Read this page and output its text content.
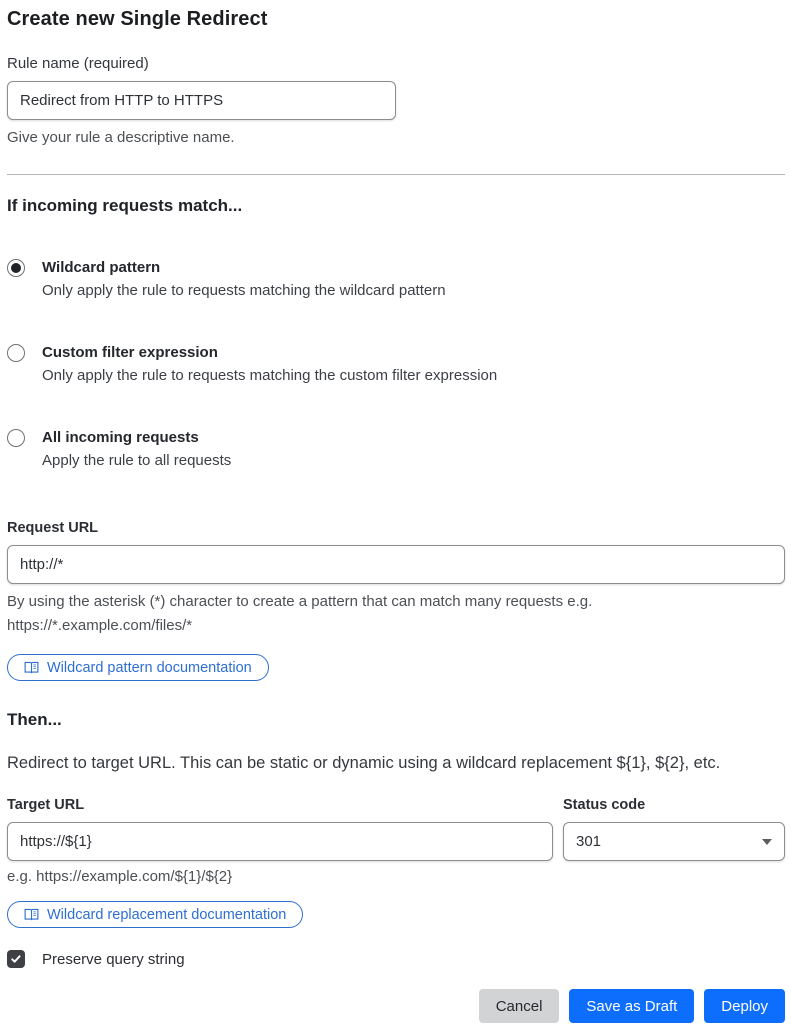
Create new Single Redirect
Rule name (required)
Redirect from HTTP to HTTPS
Give your rule a descriptive name.
If incoming requests match...
Wildcard pattern
Only apply the rule to requests matching the wildcard pattern
Custom filter expression
Only apply the rule to requests matching the custom filter expression
All incoming requests
Apply the rule to all requests
Request URL
http://*
By using the asterisk (*) character to create a pattern that can match many requests e.g.
https://*.example.com/files/*
Wildcard pattern documentation
Then...

Redirect to target URL. This can be static or dynamic using a wildcard replacement ${1}, ${2}, etc.

Target URL
https://${1}
e.g. https://example.com/${1}/${2}
Status code
301
Wildcard replacement documentation
Preserve query string
Cancel	Save as Draft	Deploy
